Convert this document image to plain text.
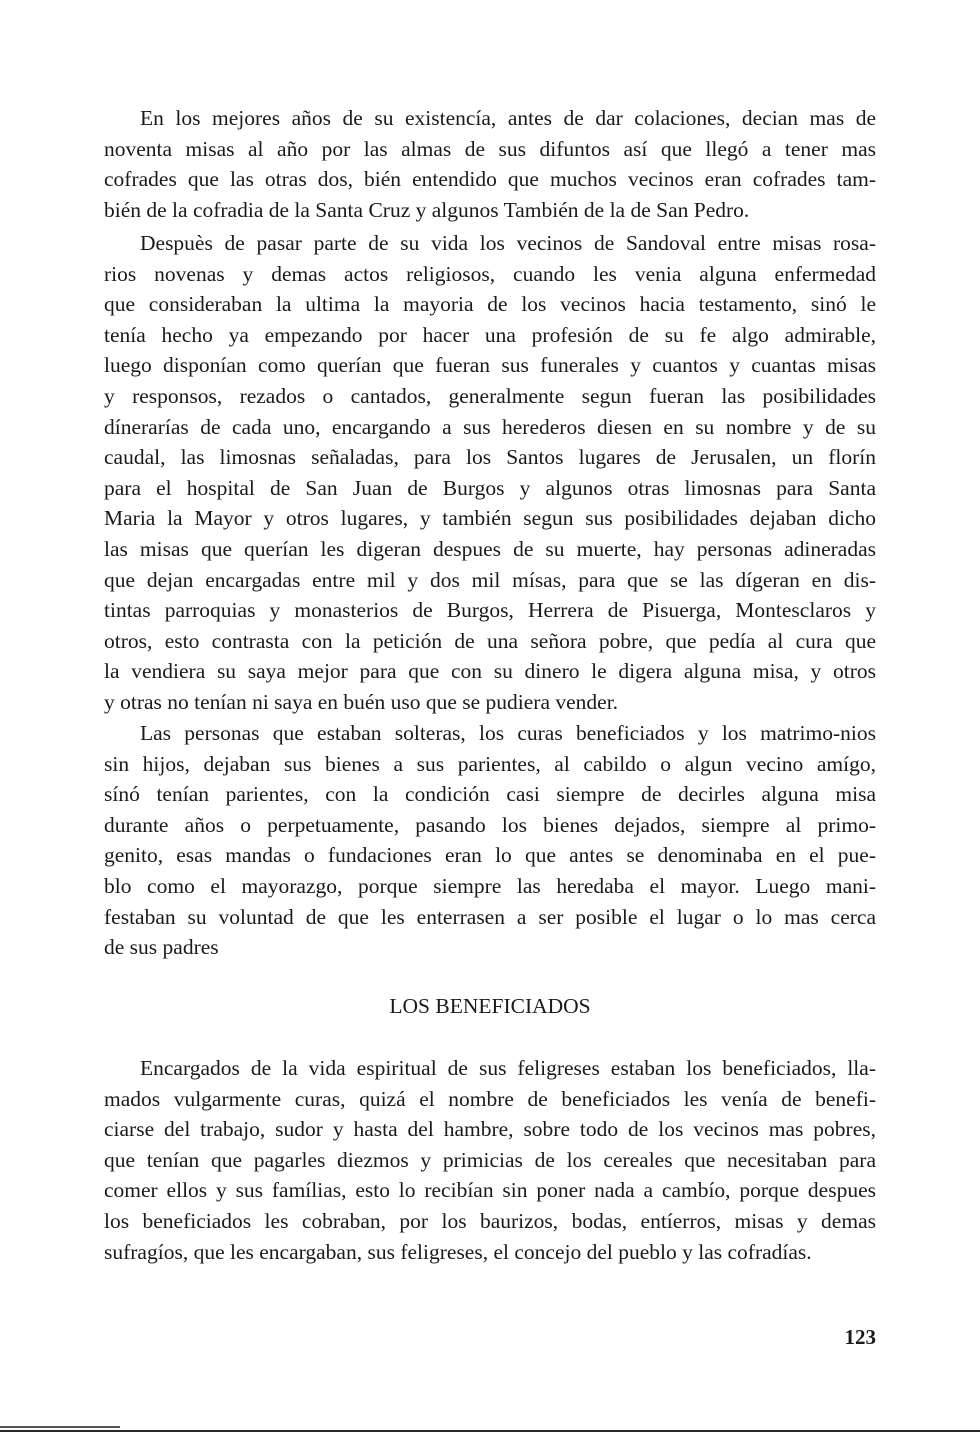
En los mejores años de su existencía, antes de dar colaciones, decian mas de
noventa misas al año por las almas de sus difuntos así que llegó a tener mas
cofrades que las otras dos, bién entendido que muchos vecinos eran cofrades tam-
bién de la cofradia de la Santa Cruz y algunos También de la de San Pedro.

Despuès de pasar parte de su vida los vecinos de Sandoval entre misas rosa-
rios novenas y demas actos religiosos, cuando les venia alguna enfermedad
que consideraban la ultima la mayoria de los vecinos hacia testamento, sinó le
tenía hecho ya empezando por hacer una profesión de su fe algo admirable,
luego disponían como querían que fueran sus funerales y cuantos y cuantas misas
y responsos, rezados o cantados, generalmente segun fueran las posibilidades
dínerarías de cada uno, encargando a sus herederos diesen en su nombre y de su
caudal, las limosnas señaladas, para los Santos lugares de Jerusalen, un florín
para el hospital de San Juan de Burgos y algunos otras limosnas para Santa
Maria la Mayor y otros lugares, y también segun sus posibilidades dejaban dicho
las misas que querían les digeran despues de su muerte, hay personas adineradas
que dejan encargadas entre mil y dos mil mísas, para que se las dígeran en dis-
tintas parroquias y monasterios de Burgos, Herrera de Pisuerga, Montesclaros y
otros, esto contrasta con la petición de una señora pobre, que pedía al cura que
la vendiera su saya mejor para que con su dinero le digera alguna misa, y otros
y otras no tenían ni saya en buén uso que se pudiera vender.

Las personas que estaban solteras, los curas beneficiados y los matrimo-nios
sin hijos, dejaban sus bienes a sus parientes, al cabildo o algun vecino amígo,
sínó tenían parientes, con la condición casi siempre de decirles alguna misa
durante años o perpetuamente, pasando los bienes dejados, siempre al primo-
genito, esas mandas o fundaciones eran lo que antes se denominaba en el pue-
blo como el mayorazgo, porque siempre las heredaba el mayor. Luego mani-
festaban su voluntad de que les enterrasen a ser posible el lugar o lo mas cerca
de sus padres

LOS BENEFICIADOS

Encargados de la vida espiritual de sus feligreses estaban los beneficiados, lla-
mados vulgarmente curas, quizá el nombre de beneficiados les venía de benefi-
ciarse del trabajo, sudor y hasta del hambre, sobre todo de los vecinos mas pobres,
que tenían que pagarles diezmos y primicias de los cereales que necesitaban para
comer ellos y sus famílias, esto lo recibían sin poner nada a cambío, porque despues
los beneficiados les cobraban, por los baurizos, bodas, entíerros, misas y demas
sufragíos, que les encargaban, sus feligreses, el concejo del pueblo y las cofradías.

123
